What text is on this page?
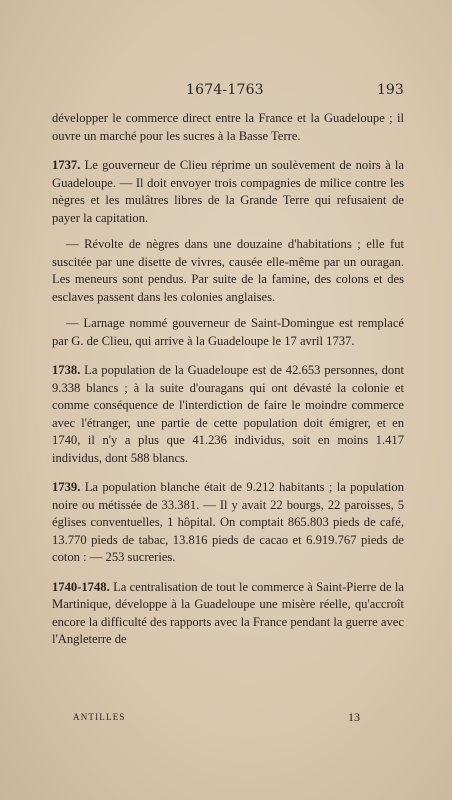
1674-1763	193

développer le commerce direct entre la France et la Guadeloupe ; il ouvre un marché pour les sucres à la Basse Terre.

1737. Le gouverneur de Clieu réprime un soulèvement de noirs à la Guadeloupe. — Il doit envoyer trois compagnies de milice contre les nègres et les mulâtres libres de la Grande Terre qui refusaient de payer la capitation.

— Révolte de nègres dans une douzaine d'habitations ; elle fut suscitée par une disette de vivres, causée elle-même par un ouragan. Les meneurs sont pendus. Par suite de la famine, des colons et des esclaves passent dans les colonies anglaises.

— Larnage nommé gouverneur de Saint-Domingue est remplacé par G. de Clieu, qui arrive à la Guadeloupe le 17 avril 1737.

1738. La population de la Guadeloupe est de 42.653 personnes, dont 9.338 blancs ; à la suite d'ouragans qui ont dévasté la colonie et comme conséquence de l'interdiction de faire le moindre commerce avec l'étranger, une partie de cette population doit émigrer, et en 1740, il n'y a plus que 41.236 individus, soit en moins 1.417 individus, dont 588 blancs.

1739. La population blanche était de 9.212 habitants ; la population noire ou métissée de 33.381. — Il y avait 22 bourgs, 22 paroisses, 5 églises conventuelles, 1 hôpital. On comptait 865.803 pieds de café, 13.770 pieds de tabac, 13.816 pieds de cacao et 6.919.767 pieds de coton : — 253 sucreries.

1740-1748. La centralisation de tout le commerce à Saint-Pierre de la Martinique, développe à la Guadeloupe une misère réelle, qu'accroît encore la difficulté des rapports avec la France pendant la guerre avec l'Angleterre de

ANTILLES	13
